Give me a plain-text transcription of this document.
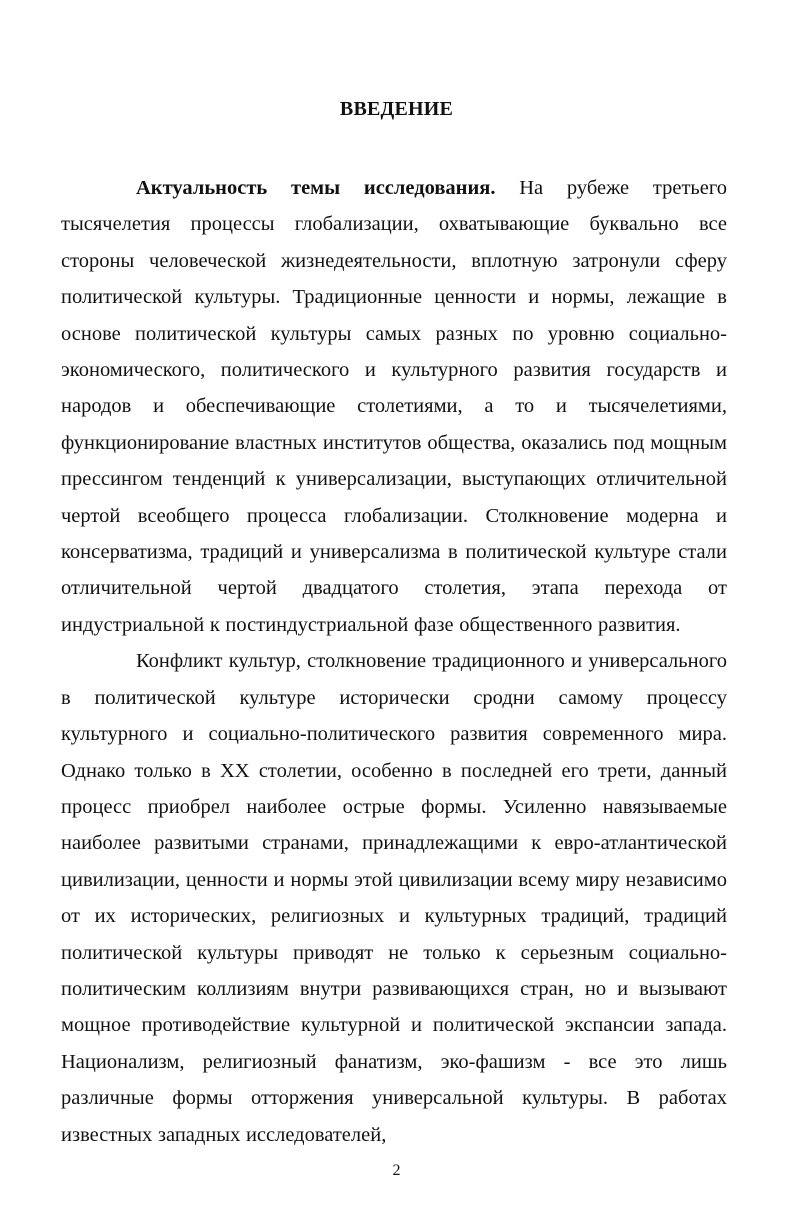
ВВЕДЕНИЕ

Актуальность темы исследования. На рубеже третьего тысячелетия процессы глобализации, охватывающие буквально все стороны человеческой жизнедеятельности, вплотную затронули сферу политической культуры. Традиционные ценности и нормы, лежащие в основе политической культуры самых разных по уровню социально-экономического, политического и культурного развития государств и народов и обеспечивающие столетиями, а то и тысячелетиями, функционирование властных институтов общества, оказались под мощным прессингом тенденций к универсализации, выступающих отличительной чертой всеобщего процесса глобализации. Столкновение модерна и консерватизма, традиций и универсализма в политической культуре стали отличительной чертой двадцатого столетия, этапа перехода от индустриальной к постиндустриальной фазе общественного развития.

Конфликт культур, столкновение традиционного и универсального в политической культуре исторически сродни самому процессу культурного и социально-политического развития современного мира. Однако только в XX столетии, особенно в последней его трети, данный процесс приобрел наиболее острые формы. Усиленно навязываемые наиболее развитыми странами, принадлежащими к евро-атлантической цивилизации, ценности и нормы этой цивилизации всему миру независимо от их исторических, религиозных и культурных традиций, традиций политической культуры приводят не только к серьезным социально-политическим коллизиям внутри развивающихся стран, но и вызывают мощное противодействие культурной и политической экспансии запада. Национализм, религиозный фанатизм, эко-фашизм - все это лишь различные формы отторжения универсальной культуры. В работах известных западных исследователей,

2
